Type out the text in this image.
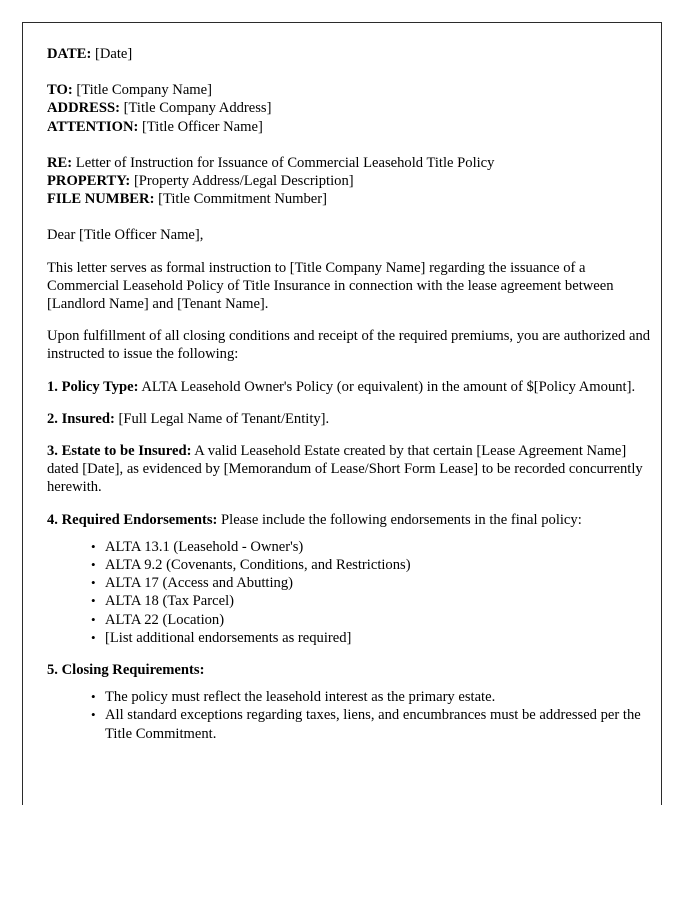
DATE: [Date]
TO: [Title Company Name]
ADDRESS: [Title Company Address]
ATTENTION: [Title Officer Name]
RE: Letter of Instruction for Issuance of Commercial Leasehold Title Policy
PROPERTY: [Property Address/Legal Description]
FILE NUMBER: [Title Commitment Number]

Dear [Title Officer Name],

This letter serves as formal instruction to [Title Company Name] regarding the issuance of a Commercial Leasehold Policy of Title Insurance in connection with the lease agreement between [Landlord Name] and [Tenant Name].

Upon fulfillment of all closing conditions and receipt of the required premiums, you are authorized and instructed to issue the following:

1. Policy Type: ALTA Leasehold Owner's Policy (or equivalent) in the amount of $[Policy Amount].

2. Insured: [Full Legal Name of Tenant/Entity].

3. Estate to be Insured: A valid Leasehold Estate created by that certain [Lease Agreement Name] dated [Date], as evidenced by [Memorandum of Lease/Short Form Lease] to be recorded concurrently herewith.

4. Required Endorsements: Please include the following endorsements in the final policy:

• ALTA 13.1 (Leasehold - Owner's)
• ALTA 9.2 (Covenants, Conditions, and Restrictions)
• ALTA 17 (Access and Abutting)
• ALTA 18 (Tax Parcel)
• ALTA 22 (Location)
• [List additional endorsements as required]

5. Closing Requirements:

• The policy must reflect the leasehold interest as the primary estate.
• All standard exceptions regarding taxes, liens, and encumbrances must be addressed per the Title Commitment.
